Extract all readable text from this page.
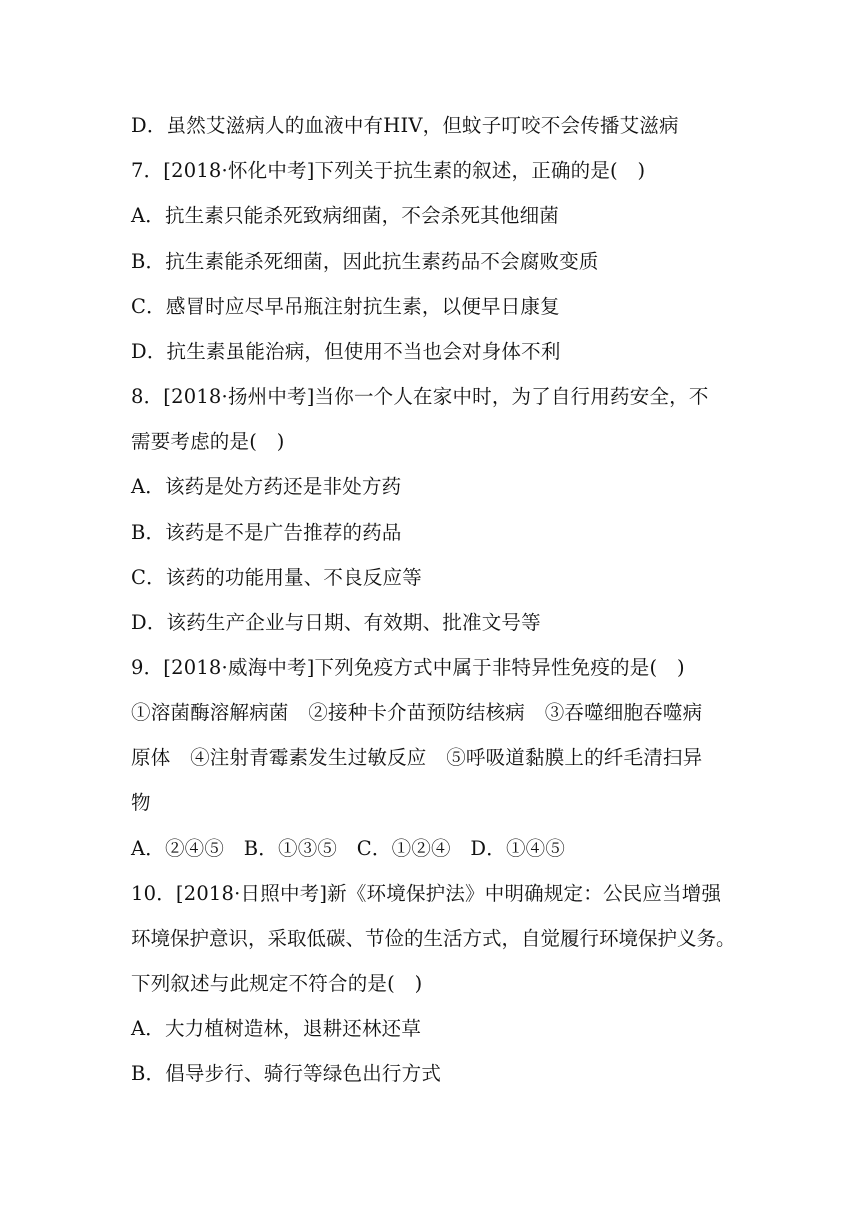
D．虽然艾滋病人的血液中有HIV，但蚊子叮咬不会传播艾滋病
7．[2018·怀化中考]下列关于抗生素的叙述，正确的是(　)
A．抗生素只能杀死致病细菌，不会杀死其他细菌
B．抗生素能杀死细菌，因此抗生素药品不会腐败变质
C．感冒时应尽早吊瓶注射抗生素，以便早日康复
D．抗生素虽能治病，但使用不当也会对身体不利
8．[2018·扬州中考]当你一个人在家中时，为了自行用药安全，不
需要考虑的是(　)
A．该药是处方药还是非处方药
B．该药是不是广告推荐的药品
C．该药的功能用量、不良反应等
D．该药生产企业与日期、有效期、批准文号等
9．[2018·威海中考]下列免疫方式中属于非特异性免疫的是(　)
①溶菌酶溶解病菌　②接种卡介苗预防结核病　③吞噬细胞吞噬病
原体　④注射青霉素发生过敏反应　⑤呼吸道黏膜上的纤毛清扫异
物
A．②④⑤　B．①③⑤　C．①②④　D．①④⑤
10．[2018·日照中考]新《环境保护法》中明确规定：公民应当增强
环境保护意识，采取低碳、节俭的生活方式，自觉履行环境保护义务。
下列叙述与此规定不符合的是(　)
A．大力植树造林，退耕还林还草
B．倡导步行、骑行等绿色出行方式
